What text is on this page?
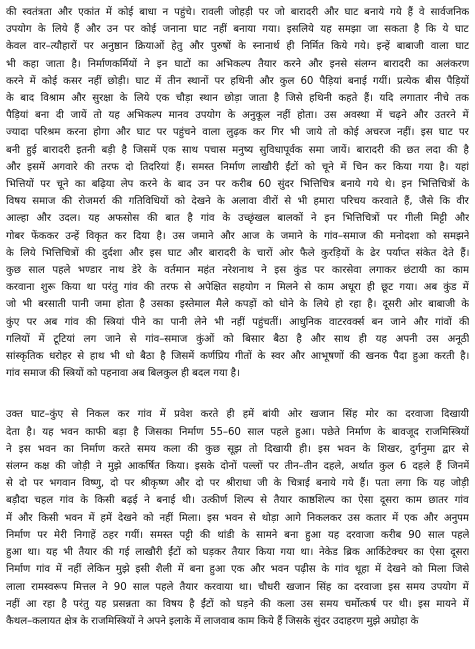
की स्वतंत्रता और एकांत में कोई बाधा न पहुंचे। रावली जोहड़ी पर जो बारादरी और घाट बनाये गये हैं वे सार्वजनिक
उपयोग के लिये हैं और उन पर कोई जनाना घाट नहीं बनाया गया। इसलिये यह समझा जा सकता है कि ये घाट
केवल वार–त्यौहारों पर अनुष्ठान क्रियाओं हेतु और पुरुषों के स्नानार्थ ही निर्मित किये गये। इन्हें बाबाजी वाला घाट
भी कहा जाता है। निर्माणकर्मियों ने इन घाटों का अभिकल्प तैयार करने और इनसे संलग्न बारादरी का अलंकरण
करने में कोई कसर नहीं छोड़ी। घाट में तीन स्थानों पर हथिनी और कुल 60 पैड़ियां बनाई गयीं। प्रत्येक बीस पैड़ियों
के बाद विश्राम और सुरक्षा के लिये एक चौड़ा स्थान छोड़ा जाता है जिसे हथिनी कहते हैं। यदि लगातार नीचे तक
पैड़ियां बना दी जायें तो यह अभिकल्प मानव उपयोग के अनुकूल नहीं होता। उस अवस्था में चढ़ने और उतरने में
ज्यादा परिश्रम करना होगा और घाट पर पहुंचने वाला लुढ़क कर गिर भी जाये तो कोई अचरज नहीं। इस घाट पर
बनी हुई बारादरी इतनी बड़ी है जिसमें एक साथ पचास मनुष्य सुविधापूर्वक समा जायें। बारादरी की छत लदा की है
और इसमें अगवारे की तरफ दो तिदरियां हैं। समस्त निर्माण लाखौरी ईंटों को चूने में चिन कर किया गया है। यहां
भित्तियों पर चूने का बढ़िया लेप करने के बाद उन पर करीब 60 सुंदर भित्तिचित्र बनाये गये थे। इन भित्तिचित्रों के
विषय समाज की रोजमर्रा की गतिविधियों को देखने के अलावा वीरों से भी हमारा परिचय करवाते हैं, जैसे कि वीर
आल्हा और उदल। यह अफसोस की बात है गांव के उच्छृंखल बालकों ने इन भित्तिचित्रों पर गीली मिट्टी और
गोबर फेंककर उन्हें विकृत कर दिया है। उस जमाने और आज के जमाने के गांव–समाज की मनोदशा को समझने
के लिये भित्तिचित्रों की दुर्दशा और इस घाट और बारादरी के चारों ओर फैले कुरड़ियों के ढेर पर्याप्त संकेत देते हैं।
कुछ साल पहले भण्डार नाथ डेरे के वर्तमान महंत नरेशनाथ ने इस कुंड पर कारसेवा लगाकर छंटायी का काम
करवाना शुरू किया था परंतु गांव की तरफ से अपेक्षित सहयोग न मिलने से काम अधूरा ही छूट गया। अब कुंड में
जो भी बरसाती पानी जमा होता है उसका इस्तेमाल मैले कपड़ों को धोने के लिये हो रहा है। दूसरी ओर बाबाजी के
कुंए पर अब गांव की स्त्रियां पीने का पानी लेने भी नहीं पहुंचतीं। आधुनिक वाटरवर्क्स बन जाने और गांवों की
गलियों में टूटियां लग जाने से गांव–समाज कुंओं को बिसार बैठा है और साथ ही यह अपनी उस अनूठी
सांस्कृतिक धरोहर से हाथ भी धो बैठा है जिसमें कर्णप्रिय गीतों के स्वर और आभूषणों की खनक पैदा हुआ करती है।
गांव समाज की स्त्रियों को पहनावा अब बिलकुल ही बदल गया है।
उक्त घाट–कुंए से निकल कर गांव में प्रवेश करते ही हमें बांयी ओर खजान सिंह मोर का दरवाजा दिखायी
देता है। यह भवन काफी बड़ा है जिसका निर्माण 55–60 साल पहले हुआ। पछेते निर्माण के बावजूद राजमिस्त्रियों
ने इस भवन का निर्माण करते समय कला की कुछ सूझ तो दिखायी ही। इस भवन के शिखर, दुर्गनुमा द्वार से
संलग्न कक्ष की जोड़ी ने मुझे आकर्षित किया। इसके दोनों पल्लों पर तीन–तीन दहले, अर्थात कुल 6 दहले हैं जिनमें
से दो पर भगवान विष्णु, दो पर श्रीकृष्ण और दो पर श्रीराधा जी के चित्राई बनाये गये हैं। पता लगा कि यह जोड़ी
बड़ौदा चहल गांव के किसी बढ़ई ने बनाई थी। उत्कीर्ण शिल्प से तैयार काष्ठशिल्प का ऐसा दूसरा काम छातर गांव
में और किसी भवन में हमें देखने को नहीं मिला। इस भवन से थोड़ा आगे निकलकर उस कतार में एक और अनुपम
निर्माण पर मेरी निगाहें ठहर गयीं। समस्त पट्टी की थांडी के सामने बना हुआ यह दरवाजा करीब 90 साल पहले
हुआ था। यह भी तैयार की गई लाखौरी ईंटों को घड़कर तैयार किया गया था। नेकेड ब्रिक आर्किटेक्चर का ऐसा दूसरा
निर्माण गांव में नहीं लेकिन मुझे इसी शैली में बना हुआ एक और भवन पढ़ीस के गांव थूहा में देखने को मिला जिसे
लाला रामस्वरूप मित्तल ने 90 साल पहले तैयार करवाया था। चौधरी खजान सिंह का दरवाजा इस समय उपयोग में
नहीं आ रहा है परंतु यह प्रसन्नता का विषय है ईंटों को घड़ने की कला उस समय चर्मोत्कर्ष पर थी। इस मायने में
कैथल–कलायत क्षेत्र के राजमिस्त्रियों ने अपने इलाके में लाजवाब काम किये हैं जिसके सुंदर उदाहरण मुझे अग्रोहा के
